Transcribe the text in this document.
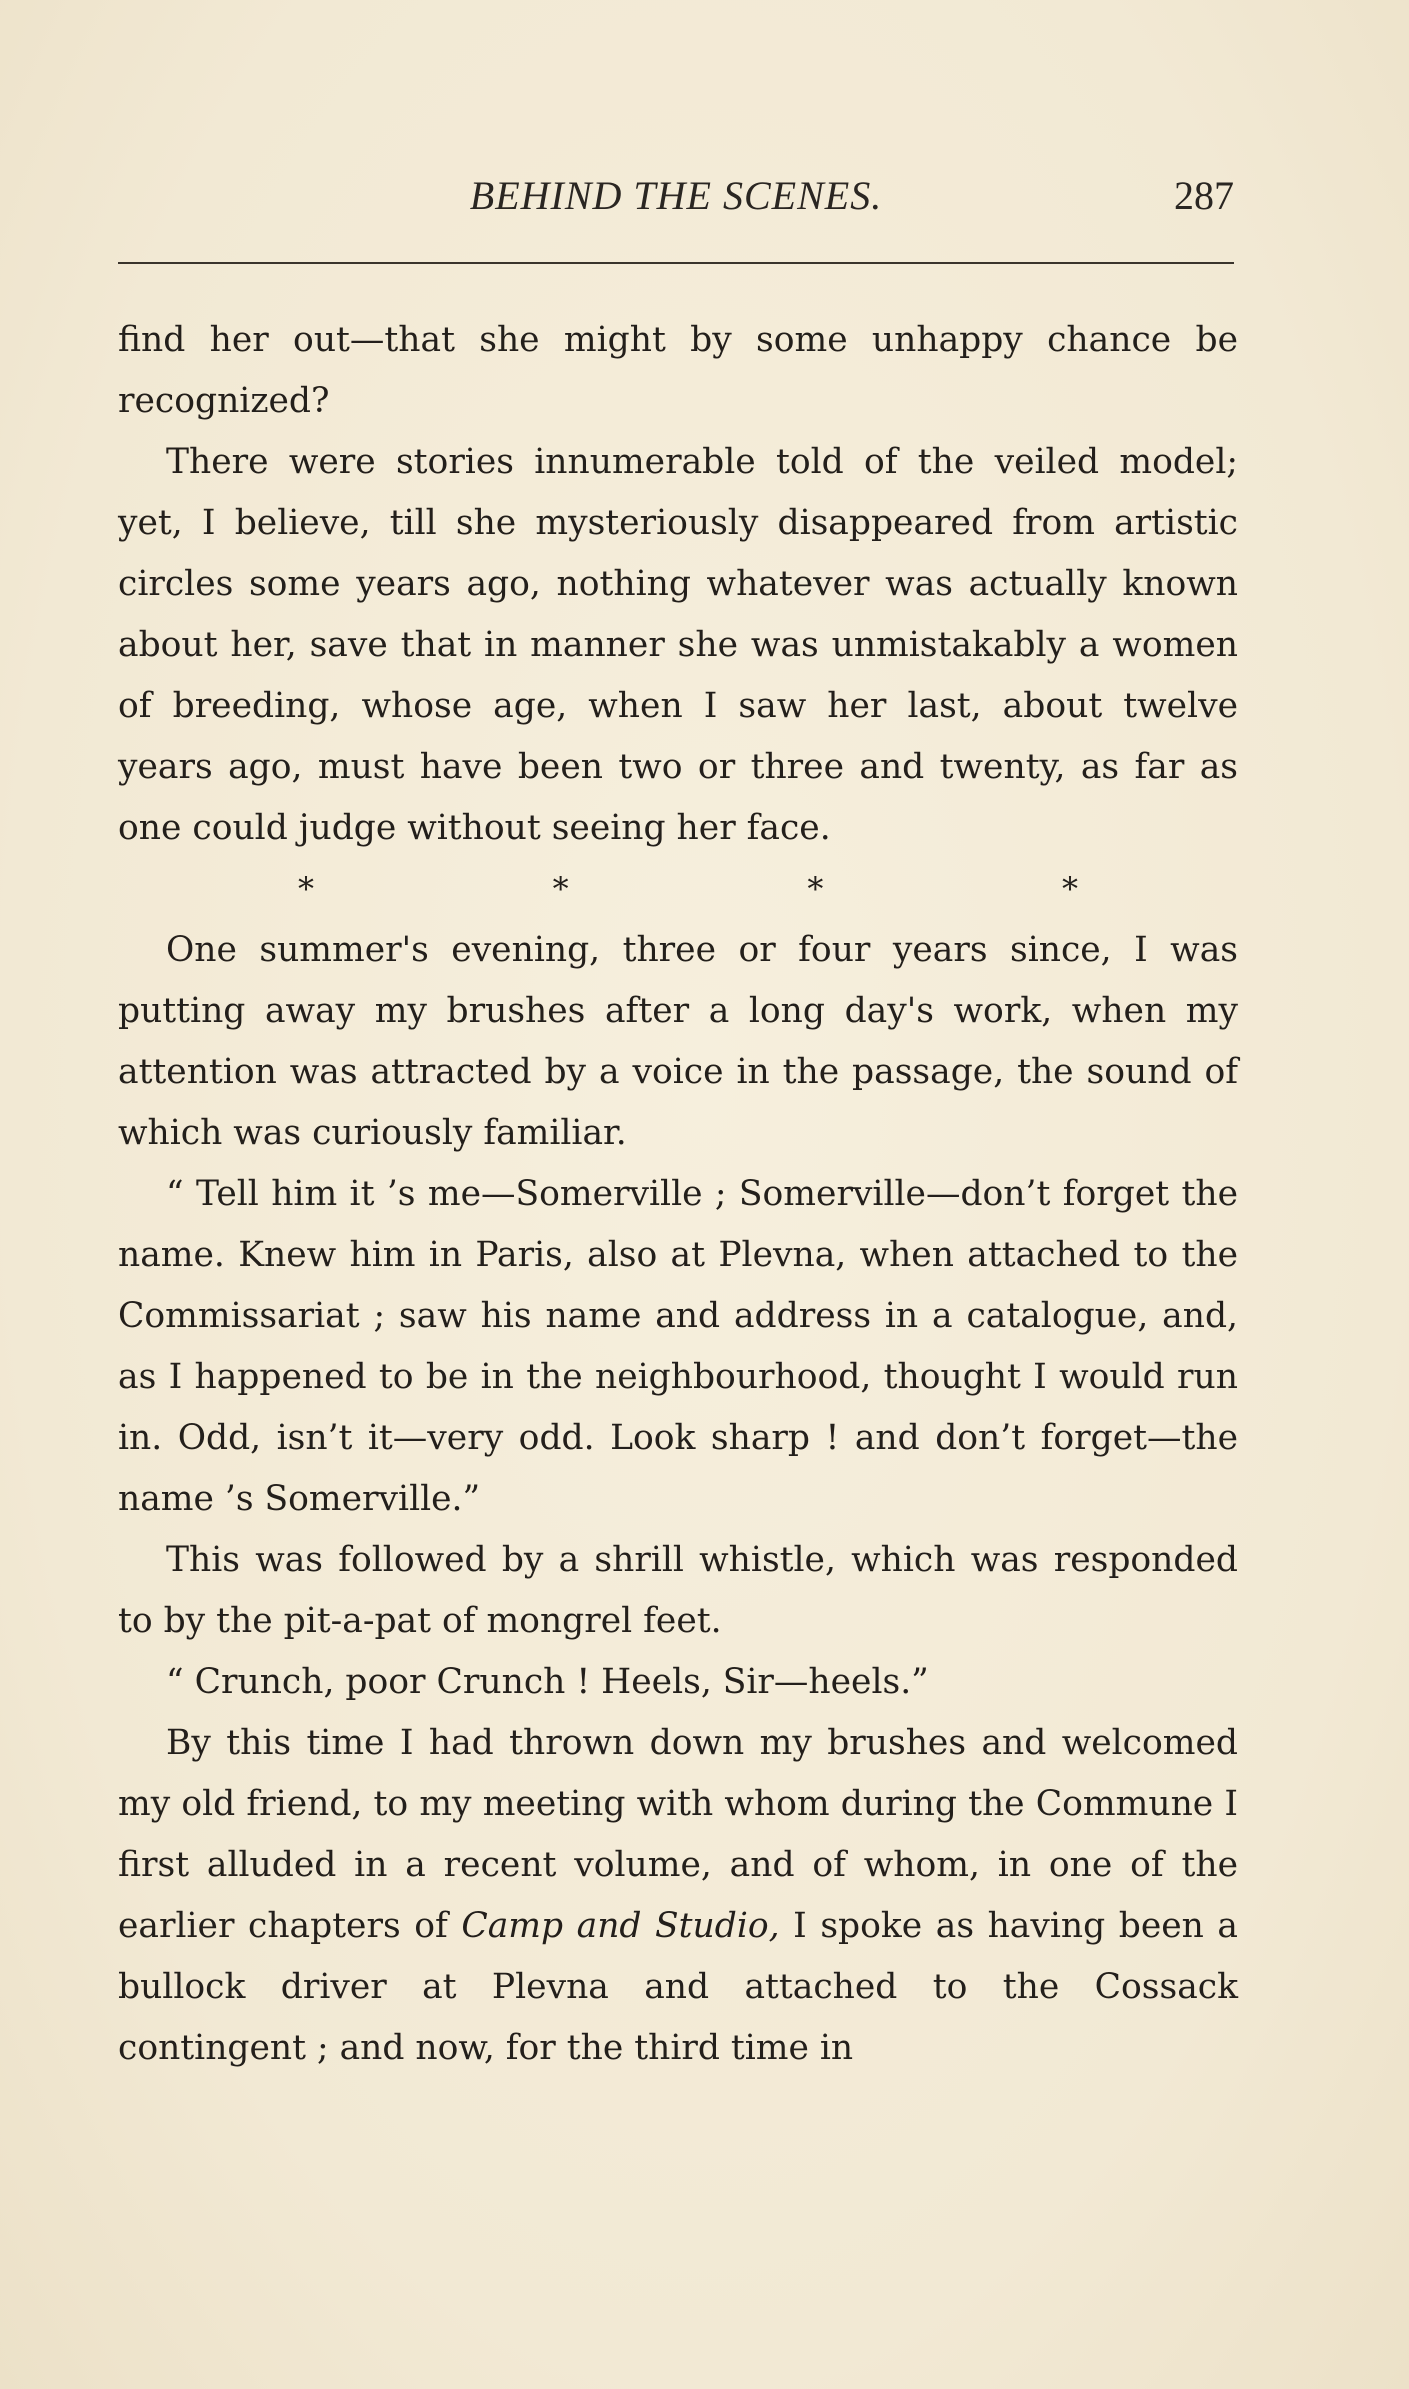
BEHIND THE SCENES.	287

find her out—that she might by some unhappy chance be recognized?

There were stories innumerable told of the veiled model; yet, I believe, till she mysteriously disappeared from artistic circles some years ago, nothing whatever was actually known about her, save that in manner she was unmistakably a women of breeding, whose age, when I saw her last, about twelve years ago, must have been two or three and twenty, as far as one could judge without seeing her face.

*	*	*	*

One summer's evening, three or four years since, I was putting away my brushes after a long day's work, when my attention was attracted by a voice in the passage, the sound of which was curiously familiar.

“ Tell him it ’s me—Somerville ; Somerville—don’t forget the name. Knew him in Paris, also at Plevna, when attached to the Commissariat ; saw his name and address in a catalogue, and, as I happened to be in the neighbourhood, thought I would run in. Odd, isn’t it—very odd. Look sharp ! and don’t forget—the name ’s Somerville.”

This was followed by a shrill whistle, which was responded to by the pit-a-pat of mongrel feet.

“ Crunch, poor Crunch ! Heels, Sir—heels.”

By this time I had thrown down my brushes and welcomed my old friend, to my meeting with whom during the Commune I first alluded in a recent volume, and of whom, in one of the earlier chapters of Camp and Studio, I spoke as having been a bullock driver at Plevna and attached to the Cossack contingent ; and now, for the third time in
